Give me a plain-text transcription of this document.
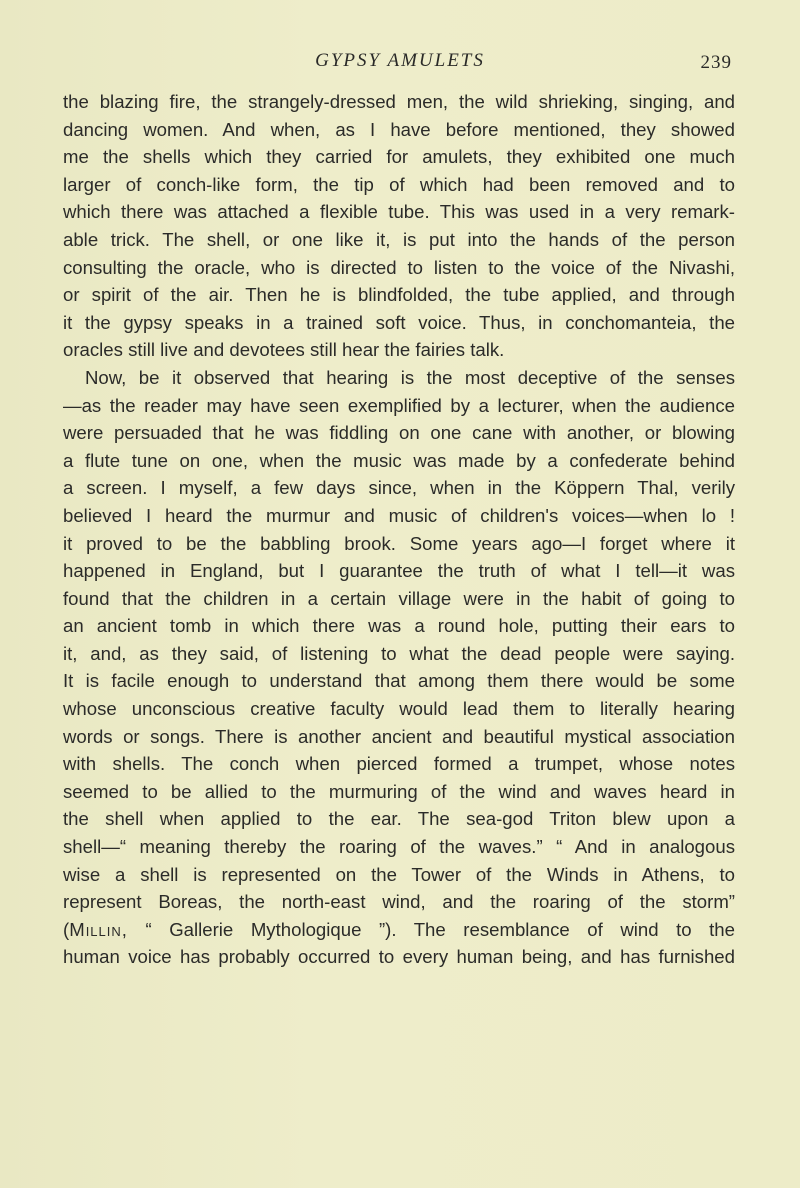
GYPSY AMULETS	239
the blazing fire, the strangely-dressed men, the wild shrieking, singing, and
dancing women. And when, as I have before mentioned, they showed
me the shells which they carried for amulets, they exhibited one much
larger of conch-like form, the tip of which had been removed and to
which there was attached a flexible tube. This was used in a very remark-
able trick. The shell, or one like it, is put into the hands of the person
consulting the oracle, who is directed to listen to the voice of the Nivashi,
or spirit of the air. Then he is blindfolded, the tube applied, and through
it the gypsy speaks in a trained soft voice. Thus, in conchomanteia, the
oracles still live and devotees still hear the fairies talk.
Now, be it observed that hearing is the most deceptive of the senses
—as the reader may have seen exemplified by a lecturer, when the audience
were persuaded that he was fiddling on one cane with another, or blowing
a flute tune on one, when the music was made by a confederate behind
a screen. I myself, a few days since, when in the Köppern Thal, verily
believed I heard the murmur and music of children's voices—when lo !
it proved to be the babbling brook. Some years ago—I forget where it
happened in England, but I guarantee the truth of what I tell—it was
found that the children in a certain village were in the habit of going to
an ancient tomb in which there was a round hole, putting their ears to
it, and, as they said, of listening to what the dead people were saying.
It is facile enough to understand that among them there would be some
whose unconscious creative faculty would lead them to literally hearing
words or songs. There is another ancient and beautiful mystical association
with shells. The conch when pierced formed a trumpet, whose notes
seemed to be allied to the murmuring of the wind and waves heard in
the shell when applied to the ear. The sea-god Triton blew upon a
shell—“ meaning thereby the roaring of the waves.” “ And in analogous
wise a shell is represented on the Tower of the Winds in Athens, to
represent Boreas, the north-east wind, and the roaring of the storm”
(Millin, “ Gallerie Mythologique ”). The resemblance of wind to the
human voice has probably occurred to every human being, and has furnished
